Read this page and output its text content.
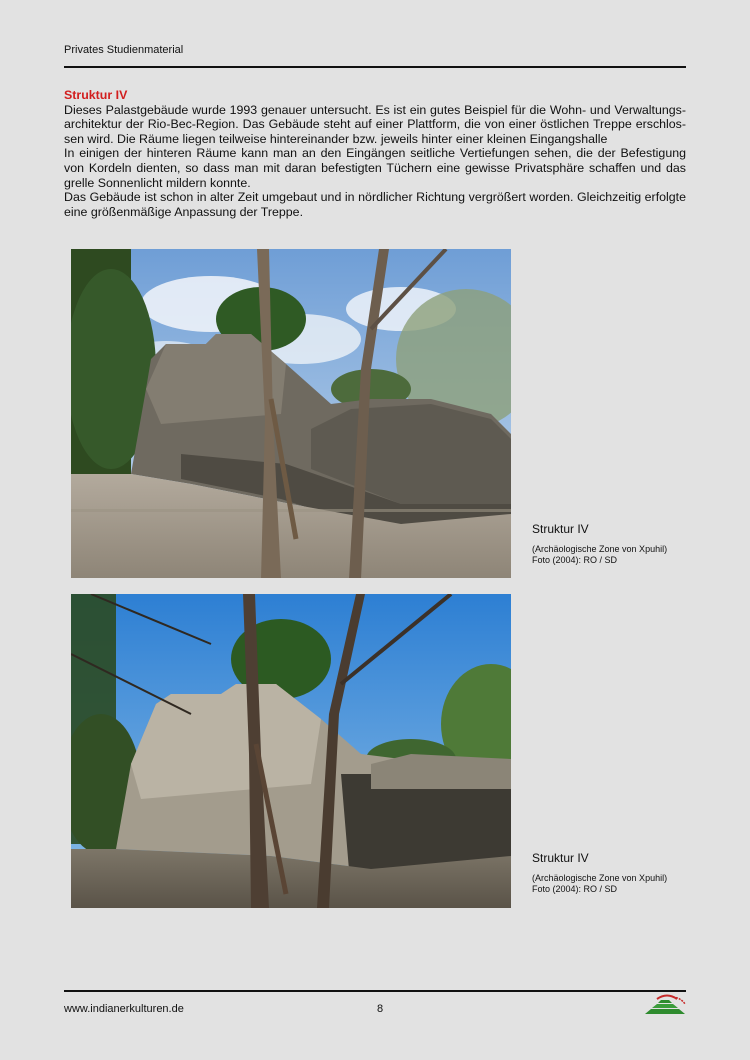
Privates Studienmaterial
Struktur IV

Dieses Palastgebäude wurde 1993 genauer untersucht. Es ist ein gutes Beispiel für die Wohn- und Verwaltungs-architektur der Rio-Bec-Region. Das Gebäude steht auf einer Plattform, die von einer östlichen Treppe erschlos-sen wird. Die Räume liegen teilweise hintereinander bzw. jeweils hinter einer kleinen Eingangshalle

In einigen der hinteren Räume kann man an den Eingängen seitliche Vertiefungen sehen, die der Befestigung von Kordeln dienten, so dass man mit daran befestigten Tüchern eine gewisse Privatsphäre schaffen und das grelle Sonnenlicht mildern konnte.

Das Gebäude ist schon in alter Zeit umgebaut und in nördlicher Richtung vergrößert worden. Gleichzeitig erfolgte eine größenmäßige Anpassung der Treppe.

Struktur IV
(Archäologische Zone von Xpuhil)
Foto (2004): RO / SD
Struktur IV
(Archäologische Zone von Xpuhil)
Foto (2004): RO / SD
www.indianerkulturen.de	8
